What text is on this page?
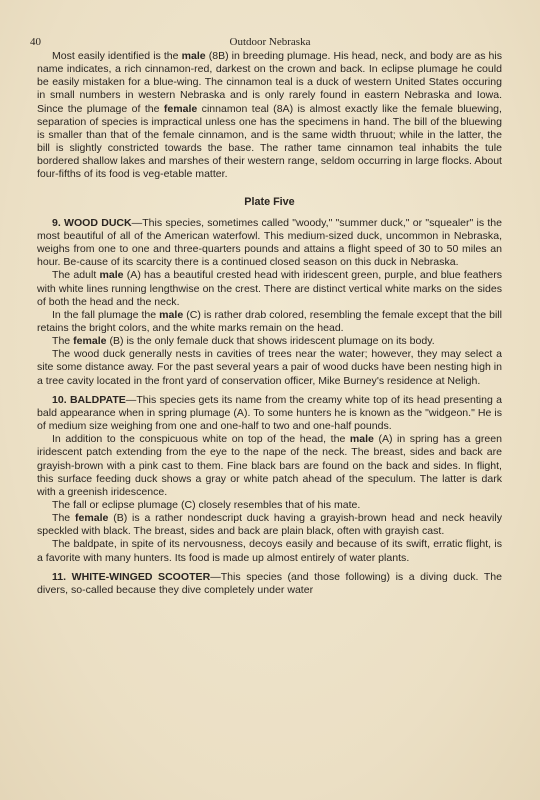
40	Outdoor Nebraska

Most easily identified is the male (8B) in breeding plumage. His head, neck, and body are as his name indicates, a rich cinnamon-red, darkest on the crown and back. In eclipse plumage he could be easily mistaken for a blue-wing. The cinnamon teal is a duck of western United States occuring in small numbers in western Nebraska and is only rarely found in eastern Nebraska and Iowa. Since the plumage of the female cinnamon teal (8A) is almost exactly like the female bluewing, separation of species is impractical unless one has the specimens in hand. The bill of the bluewing is smaller than that of the female cinnamon, and is the same width thruout; while in the latter, the bill is slightly constricted towards the base. The rather tame cinnamon teal inhabits the tule bordered shallow lakes and marshes of their western range, seldom occurring in large flocks. About four-fifths of its food is veg-etable matter.

Plate Five

9. WOOD DUCK—This species, sometimes called "woody," "summer duck," or "squealer" is the most beautiful of all of the American waterfowl. This medium-sized duck, uncommon in Nebraska, weighs from one to one and three-quarters pounds and attains a flight speed of 30 to 50 miles an hour. Be-cause of its scarcity there is a continued closed season on this duck in Nebraska.

The adult male (A) has a beautiful crested head with iridescent green, purple, and blue feathers with white lines running lengthwise on the crest. There are distinct vertical white marks on the sides of both the head and the neck.

In the fall plumage the male (C) is rather drab colored, resembling the female except that the bill retains the bright colors, and the white marks remain on the head.

The female (B) is the only female duck that shows iridescent plumage on its body.

The wood duck generally nests in cavities of trees near the water; however, they may select a site some distance away. For the past several years a pair of wood ducks have been nesting high in a tree cavity located in the front yard of conservation officer, Mike Burney's residence at Neligh.

10. BALDPATE—This species gets its name from the creamy white top of its head presenting a bald appearance when in spring plumage (A). To some hunters he is known as the "widgeon." He is of medium size weighing from one and one-half to two and one-half pounds.

In addition to the conspicuous white on top of the head, the male (A) in spring has a green iridescent patch extending from the eye to the nape of the neck. The breast, sides and back are grayish-brown with a pink cast to them. Fine black bars are found on the back and sides. In flight, this surface feeding duck shows a gray or white patch ahead of the speculum. The latter is dark with a greenish iridescence.

The fall or eclipse plumage (C) closely resembles that of his mate.

The female (B) is a rather nondescript duck having a grayish-brown head and neck heavily speckled with black. The breast, sides and back are plain black, often with grayish cast.

The baldpate, in spite of its nervousness, decoys easily and because of its swift, erratic flight, is a favorite with many hunters. Its food is made up almost entirely of water plants.

11. WHITE-WINGED SCOOTER—This species (and those following) is a diving duck. The divers, so-called because they dive completely under water
